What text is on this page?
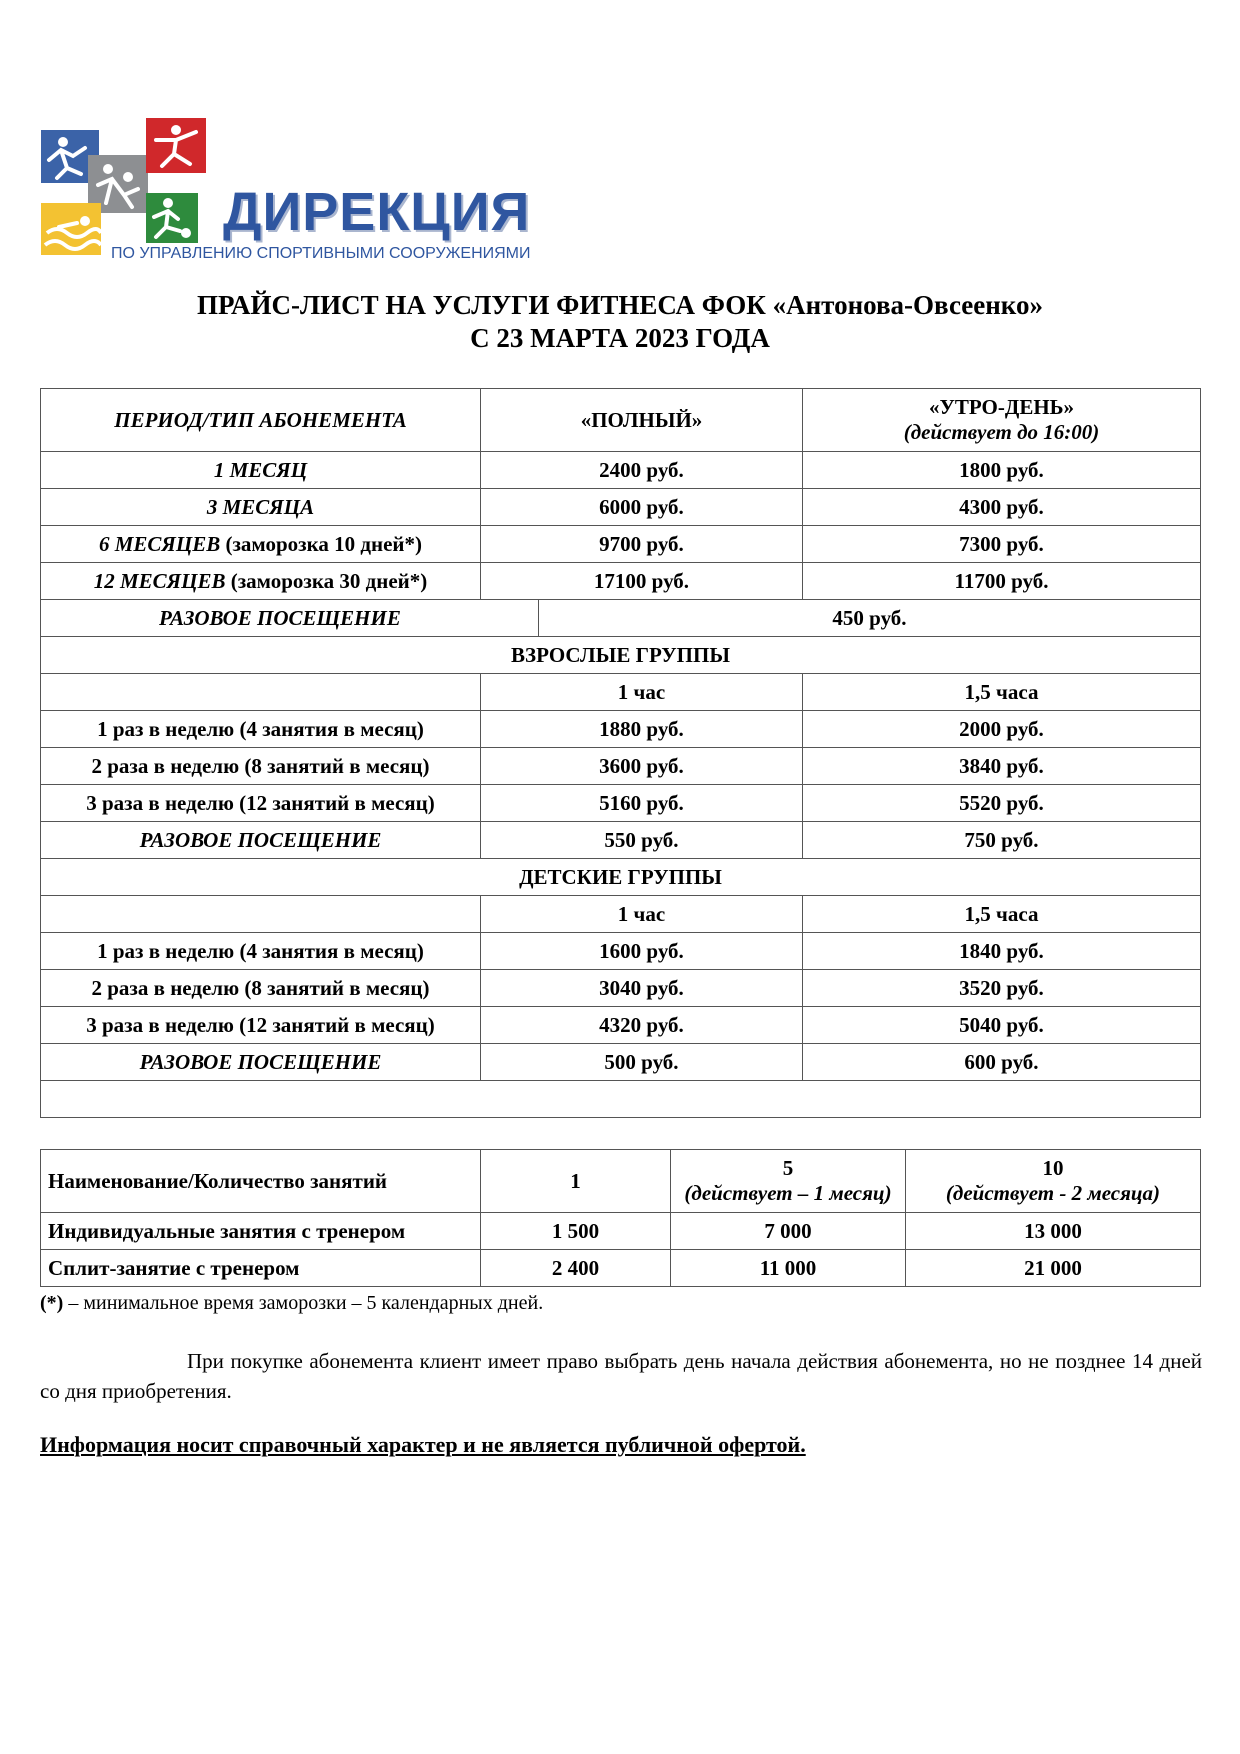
ДИРЕКЦИЯ
ПО УПРАВЛЕНИЮ СПОРТИВНЫМИ СООРУЖЕНИЯМИ
ПРАЙС-ЛИСТ НА УСЛУГИ ФИТНЕСА ФОК «Антонова-Овсеенко»
С 23 МАРТА 2023 ГОДА
ПЕРИОД/ТИП АБОНЕМЕНТА	«ПОЛНЫЙ»		«УТРО-ДЕНЬ»
(действует до 16:00)
1 МЕСЯЦ	2400 руб.		1800 руб.
3 МЕСЯЦА	6000 руб.		4300 руб.
6 МЕСЯЦЕВ (заморозка 10 дней*)	9700 руб.		7300 руб.
12 МЕСЯЦЕВ (заморозка 30 дней*)	17100 руб.		11700 руб.
РАЗОВОЕ ПОСЕЩЕНИЕ		450 руб.	
ВЗРОСЛЫЕ ГРУППЫ			
	1 час		1,5 часа
1 раз в неделю (4 занятия в месяц)	1880 руб.		2000 руб.
2 раза в неделю (8 занятий в месяц)	3600 руб.		3840 руб.
3 раза в неделю (12 занятий в месяц)	5160 руб.		5520 руб.
РАЗОВОЕ ПОСЕЩЕНИЕ	550 руб.		750 руб.
ДЕТСКИЕ ГРУППЫ			
	1 час		1,5 часа
1 раз в неделю (4 занятия в месяц)	1600 руб.		1840 руб.
2 раза в неделю (8 занятий в месяц)	3040 руб.		3520 руб.
3 раза в неделю (12 занятий в месяц)	4320 руб.		5040 руб.
РАЗОВОЕ ПОСЕЩЕНИЕ	500 руб.		600 руб.

Наименование/Количество занятий	1	5
(действует – 1 месяц)	10
(действует - 2 месяца)

Индивидуальные занятия с тренером	1 500	7 000	13 000
Сплит-занятие с тренером	2 400	11 000	21 000
(*) – минимальное время заморозки – 5 календарных дней.
При покупке абонемента клиент имеет право выбрать день начала действия абонемента, но не позднее 14 дней со дня приобретения.
Информация носит справочный характер и не является публичной офертой.
